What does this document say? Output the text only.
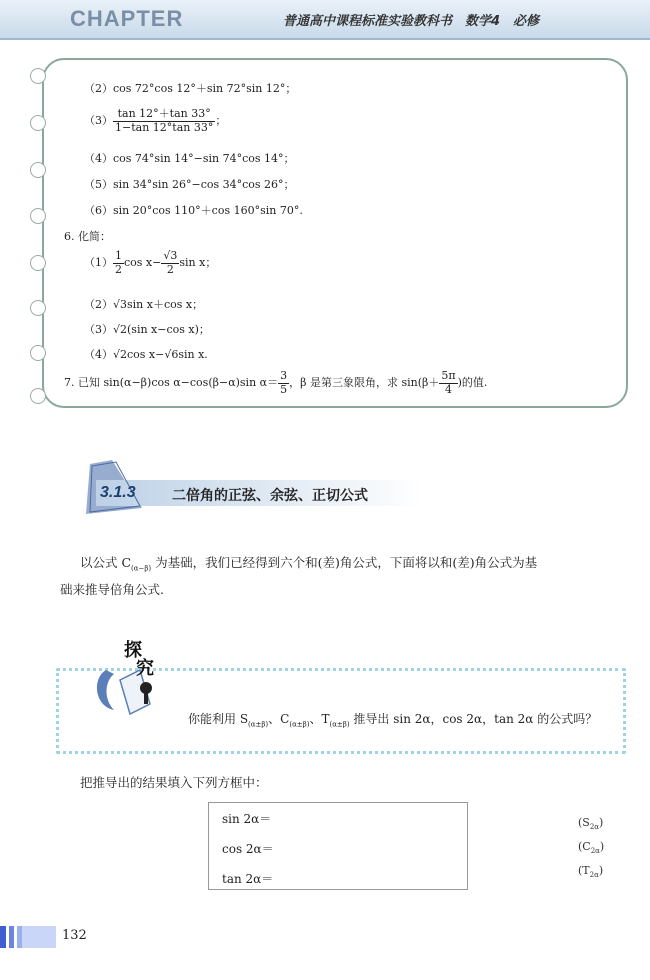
CHAPTER	普通高中课程标准实验教科书　数学4　必修
（2）cos 72°cos 12°＋sin 72°sin 12°；
$(3) \frac{\tan 12^\circ+\tan 33^\circ}{1-\tan 12^\circ\tan 33^\circ}$ ；
（4）cos 74°sin 14°−sin 74°cos 14°；
（5）sin 34°sin 26°−cos 34°cos 26°；
（6）sin 20°cos 110°＋cos 160°sin 70°.
6. 化简：
$(1) \frac{1}{2}$ $\cos x- \frac{√3}{2}$ sin x；
（2）√3sin x＋cos x；
（3）√2(sin x−cos x)；
（4）√2cos x−√6sin x.
7. 已知 sin(α−β)cos α−cos(β−α)sin $\alpha= \frac{3}{5}$ ，β 是第三象限角，求 $\sin(\beta+ \frac{5\pi}{4}$ )的值.
3.1.3	二倍角的正弦、余弦、正切公式
以公式 $C_{(\alpha-\beta)}$ 为基础，我们已经得到六个和(差)角公式，下面将以和(差)角公式为基
础来推导倍角公式.
探
究
你能利用 $S_{(\alpha\pm\beta)}$、$C_{(\alpha\pm\beta)}$、$T_{(\alpha\pm\beta)}$ 推导出 sin 2α，cos 2α，tan 2α 的公式吗？
把推导出的结果填入下列方框中：
sin 2α＝
cos 2α＝
tan 2α＝
$(S_{2\alpha})$
$(C_{2\alpha})$
$(T_{2\alpha})$
132
